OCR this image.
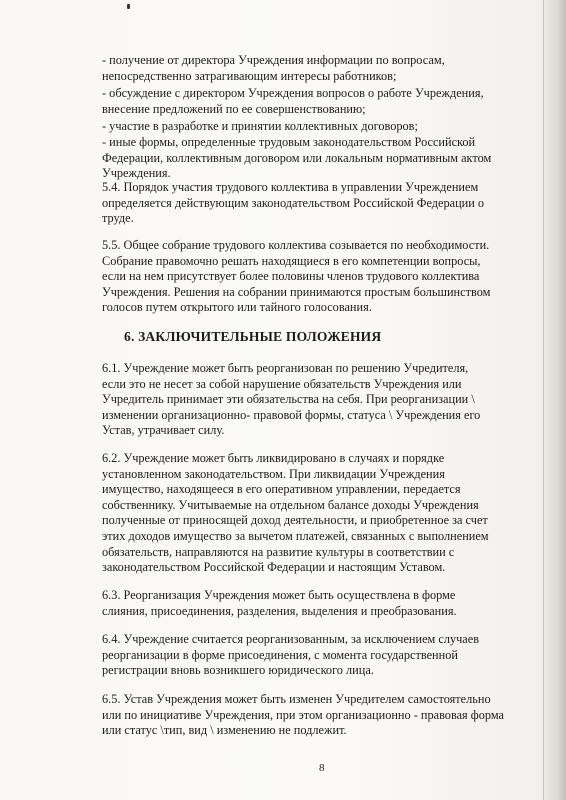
- получение от директора Учреждения информации по вопросам,
непосредственно затрагивающим интересы работников;
- обсуждение с директором Учреждения вопросов о работе Учреждения,
внесение предложений по ее совершенствованию;
- участие в разработке и принятии коллективных договоров;
- иные формы, определенные трудовым законодательством Российской
Федерации, коллективным договором или локальным нормативным актом
Учреждения.
5.4. Порядок участия трудового коллектива в управлении Учреждением
определяется действующим законодательством Российской Федерации о
труде.
5.5. Общее собрание трудового коллектива созывается по необходимости.
Собрание правомочно решать находящиеся в его компетенции вопросы,
если на нем присутствует более половины членов трудового коллектива
Учреждения. Решения на собрании принимаются простым большинством
голосов путем открытого или тайного голосования.
6. ЗАКЛЮЧИТЕЛЬНЫЕ ПОЛОЖЕНИЯ
6.1. Учреждение может быть реорганизован по решению Учредителя,
если это не несет за собой нарушение обязательств Учреждения или
Учредитель принимает эти обязательства на себя. При реорганизации \
изменении организационно- правовой формы, статуса \ Учреждения его
Устав, утрачивает силу.
6.2. Учреждение может быть ликвидировано в случаях и порядке
установленном законодательством. При ликвидации Учреждения
имущество, находящееся в его оперативном управлении, передается
собственнику. Учитываемые на отдельном балансе доходы Учреждения
полученные от приносящей доход деятельности, и приобретенное за счет
этих доходов имущество за вычетом платежей, связанных с выполнением
обязательств, направляются на развитие культуры в соответствии с
законодательством Российской Федерации и настоящим Уставом.
6.3. Реорганизация Учреждения может быть осуществлена в форме
слияния, присоединения, разделения, выделения и преобразования.
6.4. Учреждение считается реорганизованным, за исключением случаев
реорганизации в форме присоединения, с момента государственной
регистрации вновь возникшего юридического лица.
6.5. Устав Учреждения может быть изменен Учредителем самостоятельно
или по инициативе Учреждения, при этом организационно - правовая форма
или статус \тип, вид \ изменению не подлежит.
8
